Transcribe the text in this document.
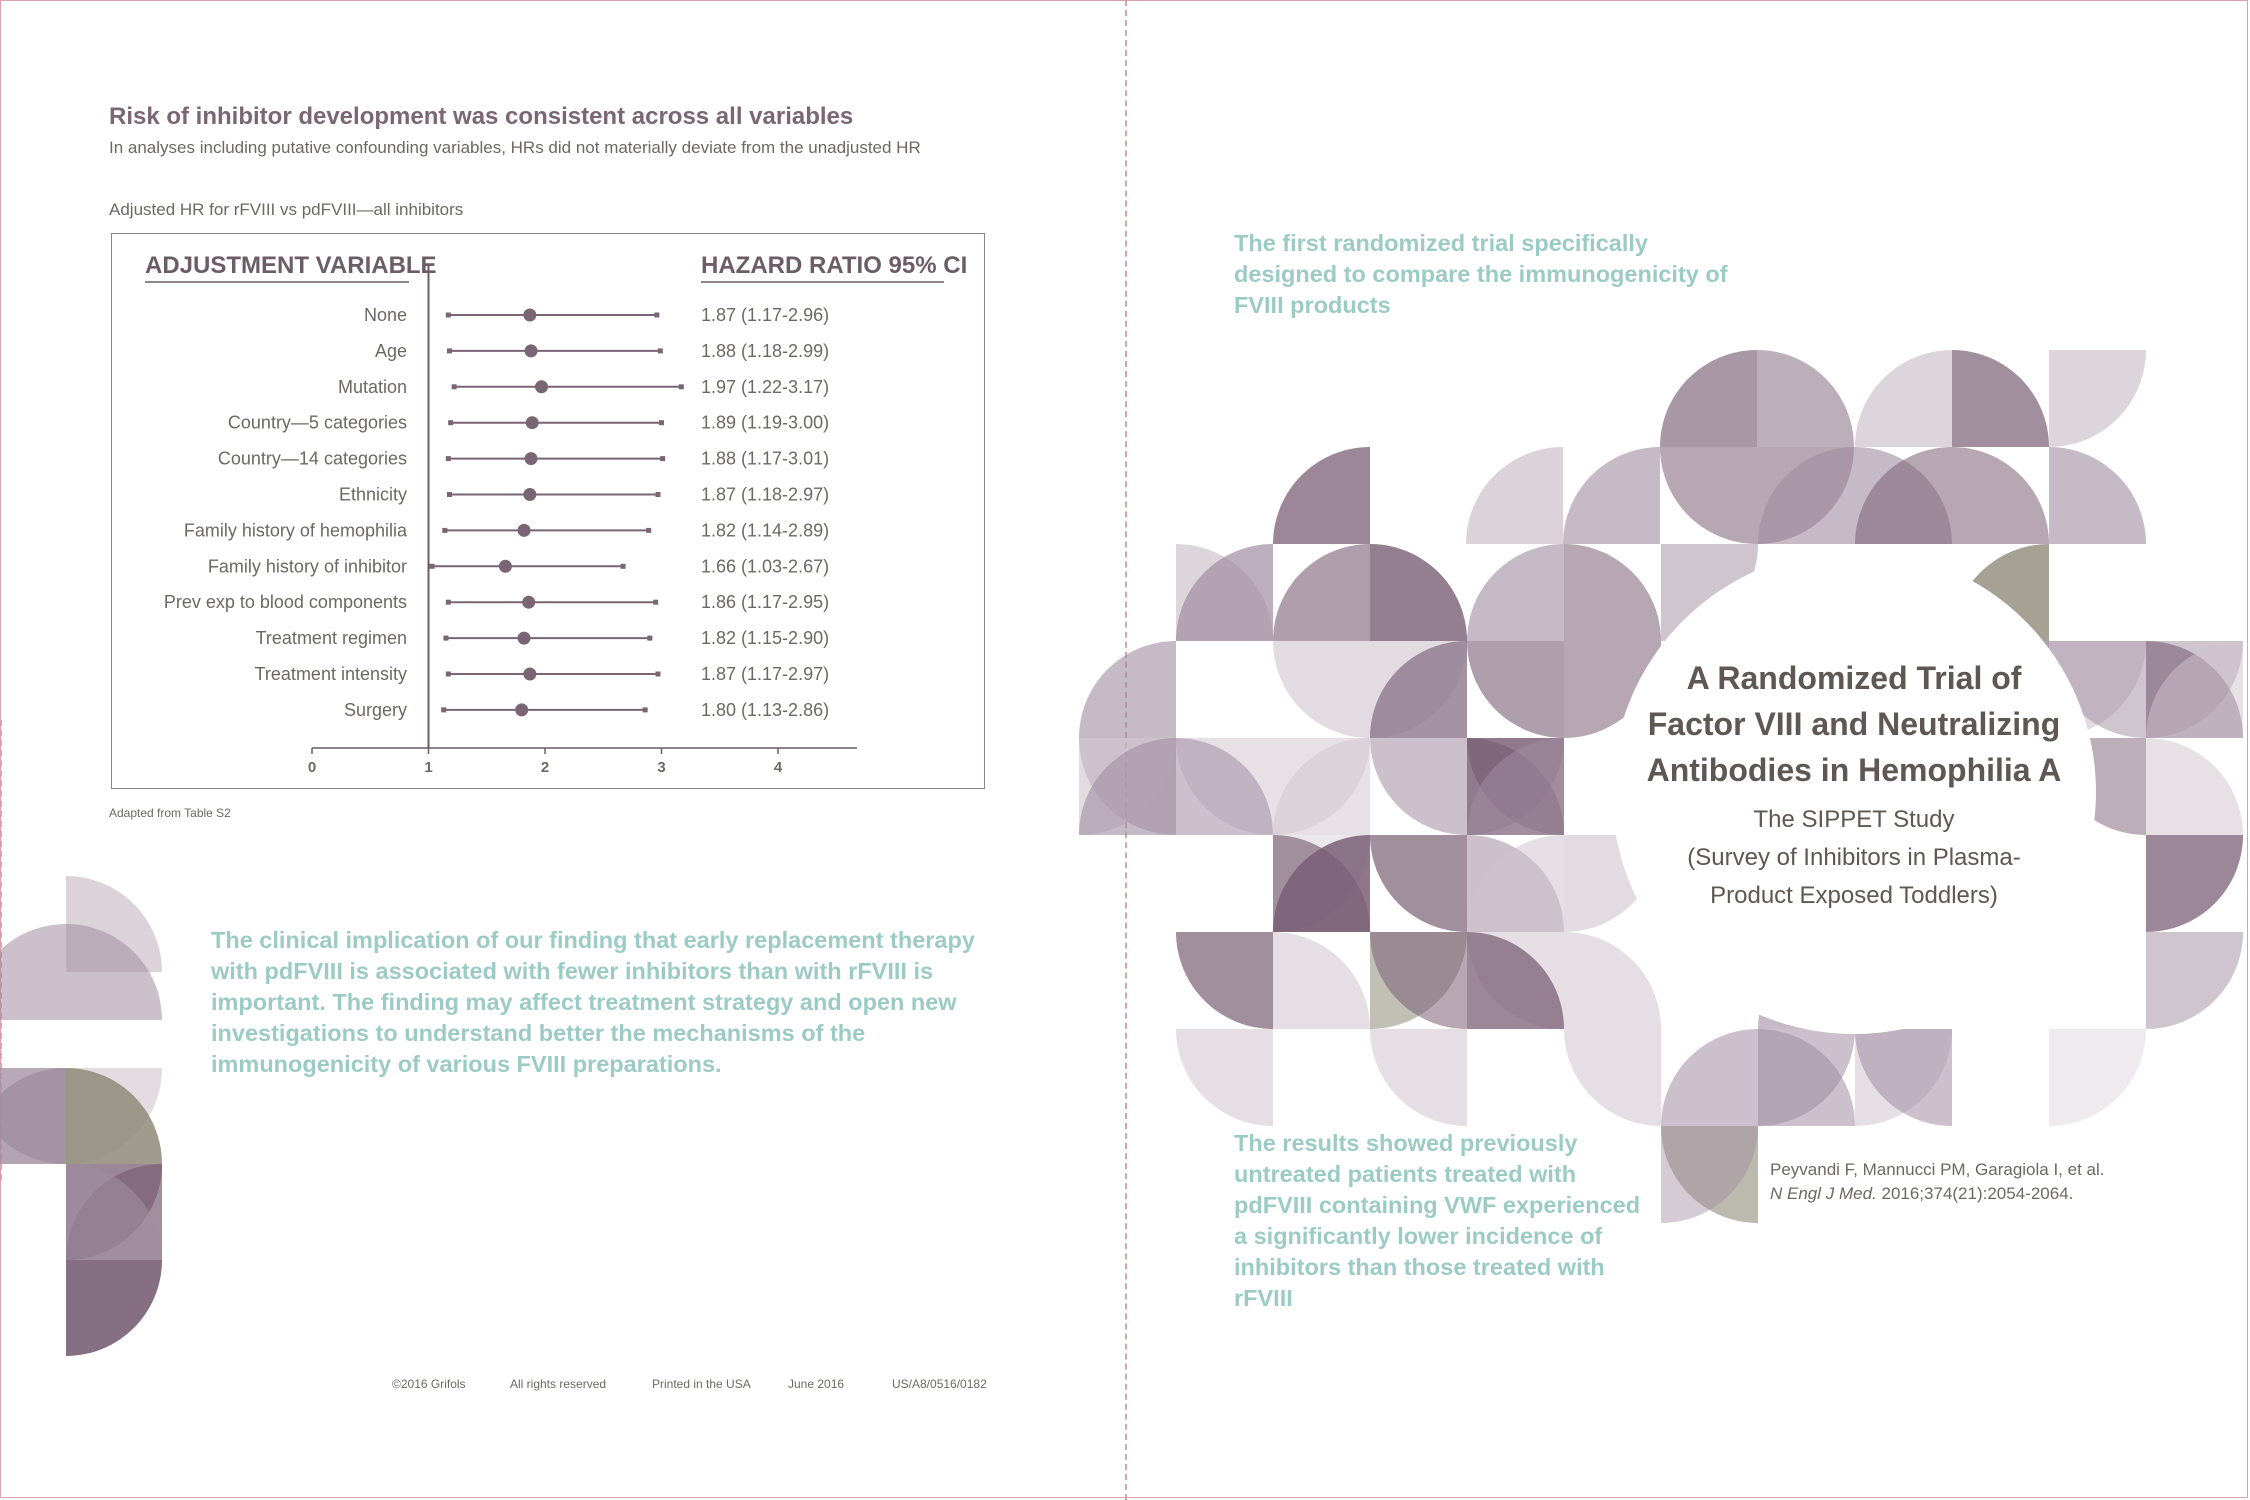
Risk of inhibitor development was consistent across all variables
In analyses including putative confounding variables, HRs did not materially deviate from the unadjusted HR
Adjusted HR for rFVIII vs pdFVIII—all inhibitors
ADJUSTMENT VARIABLE	HAZARD RATIO 95% CI
None	1.87 (1.17-2.96)
Age	1.88 (1.18-2.99)
Mutation	1.97 (1.22-3.17)
Country—5 categories	1.89 (1.19-3.00)
Country—14 categories	1.88 (1.17-3.01)
Ethnicity	1.87 (1.18-2.97)
Family history of hemophilia	1.82 (1.14-2.89)
Family history of inhibitor	1.66 (1.03-2.67)
Prev exp to blood components	1.86 (1.17-2.95)
Treatment regimen	1.82 (1.15-2.90)
Treatment intensity	1.87 (1.17-2.97)
Surgery	1.80 (1.13-2.86)
0	1	2	3	4
Adapted from Table S2
The clinical implication of our finding that early replacement therapy with pdFVIII is associated with fewer inhibitors than with rFVIII is important. The finding may affect treatment strategy and open new investigations to understand better the mechanisms of the immunogenicity of various FVIII preparations.
©2016 Grifols	All rights reserved	Printed in the USA	June 2016	US/A8/0516/0182
The first randomized trial specifically designed to compare the immunogenicity of FVIII products
A Randomized Trial of
Factor VIII and Neutralizing
Antibodies in Hemophilia A
The SIPPET Study
(Survey of Inhibitors in Plasma-
Product Exposed Toddlers)
The results showed previously untreated patients treated with pdFVIII containing VWF experienced a significantly lower incidence of inhibitors than those treated with rFVIII
Peyvandi F, Mannucci PM, Garagiola I, et al.
N Engl J Med. 2016;374(21):2054-2064.
